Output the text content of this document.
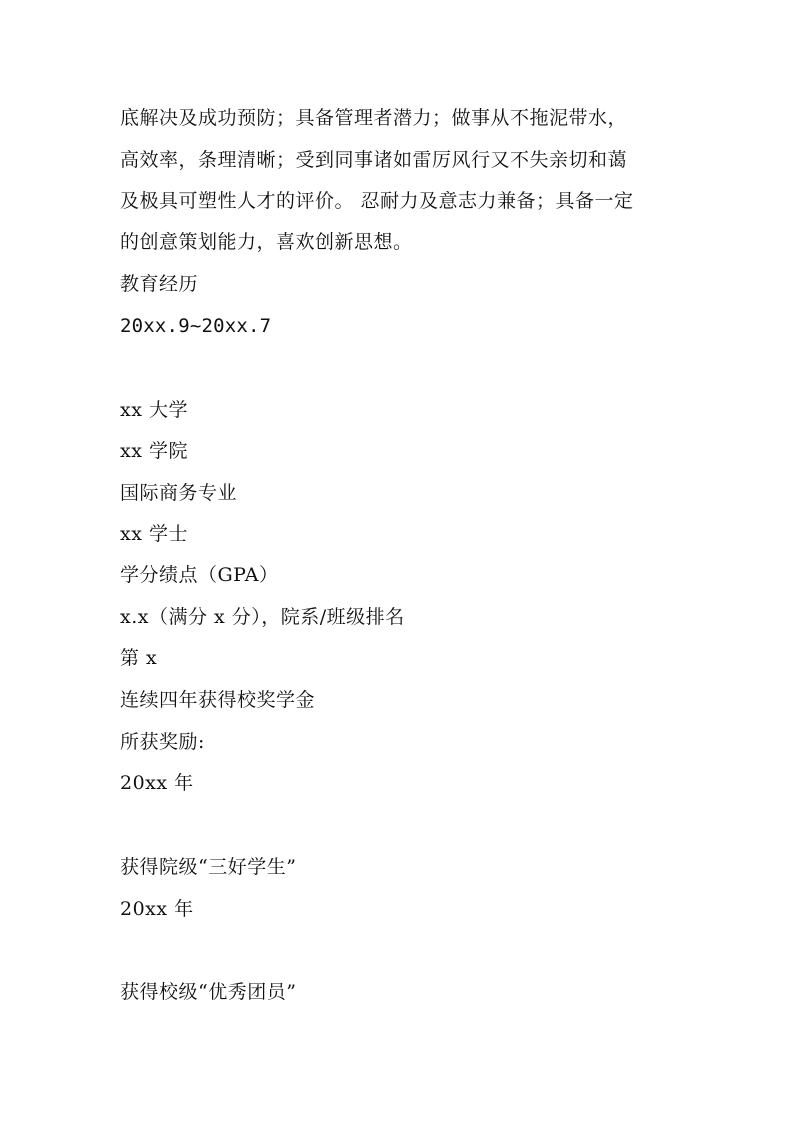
底解决及成功预防；具备管理者潜力；做事从不拖泥带水，
高效率，条理清晰；受到同事诸如雷厉风行又不失亲切和蔼
及极具可塑性人才的评价。 忍耐力及意志力兼备；具备一定
的创意策划能力，喜欢创新思想。
教育经历
20xx.9~20xx.7
xx 大学
xx 学院
国际商务专业
xx 学士
学分绩点（GPA）
x.x（满分 x 分），院系/班级排名
第 x
连续四年获得校奖学金
所获奖励:
20xx 年
获得院级“三好学生”
20xx 年
获得校级“优秀团员”
